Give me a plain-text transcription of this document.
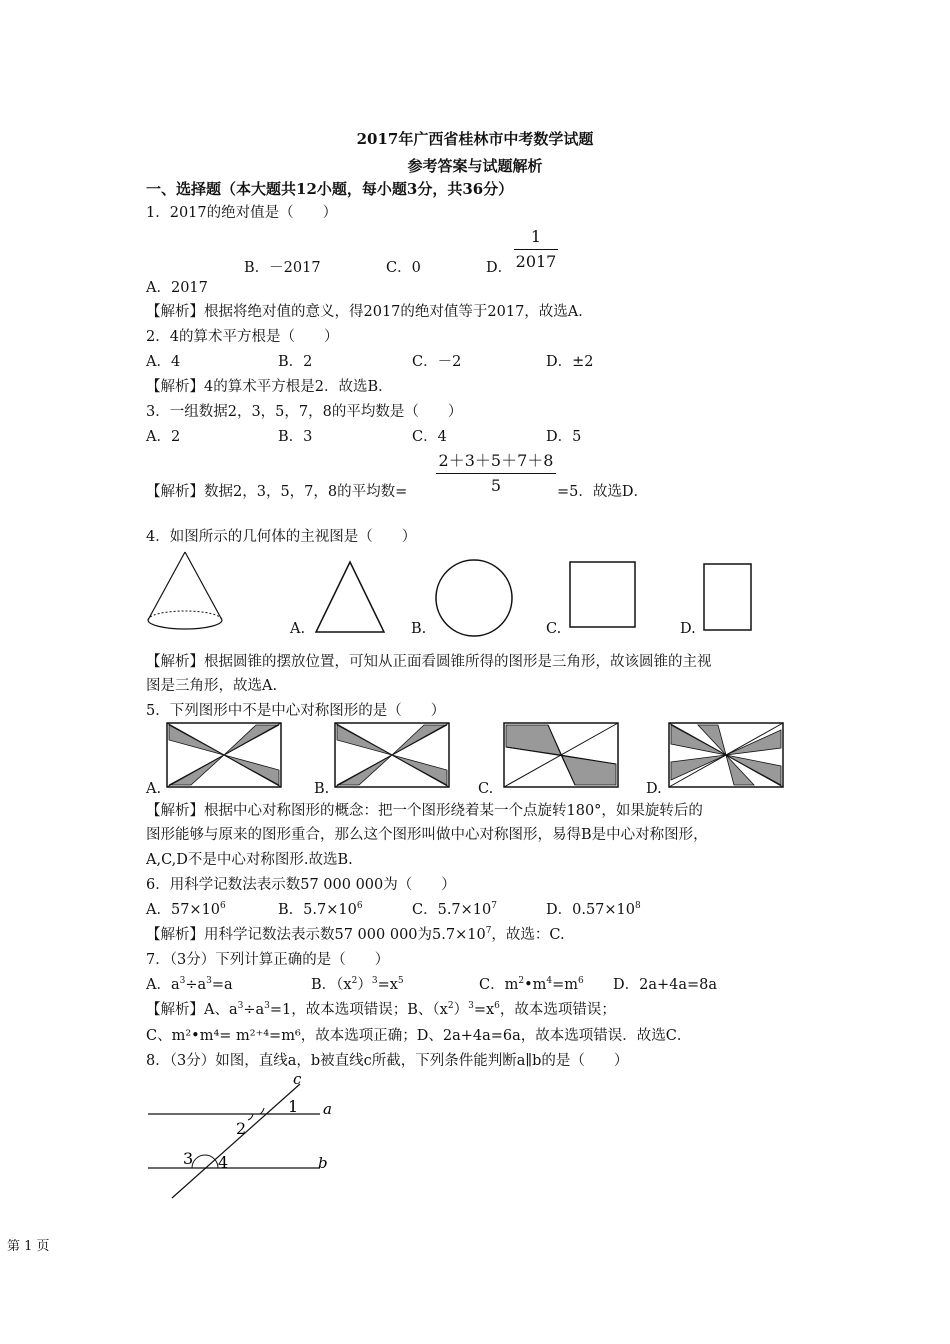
2017年广西省桂林市中考数学试题
参考答案与试题解析
一、选择题（本大题共12小题，每小题3分，共36分）
1．2017的绝对值是（　　）
B．－2017	C．0	D．
1
2017
A．2017
【解析】根据将绝对值的意义，得2017的绝对值等于2017，故选A．
2．4的算术平方根是（　　）
A．4	B．2	C．－2	D．±2
【解析】4的算术平方根是2．故选B．
3．一组数据2，3，5，7，8的平均数是（　　）
A．2	B．3	C．4	D．5
【解析】数据2，3，5，7，8的平均数=
2＋3＋5＋7＋8
5	=5．故选D．
4．如图所示的几何体的主视图是（　　）
A.	B.	C.	D.
【解析】根据圆锥的摆放位置，可知从正面看圆锥所得的图形是三角形，故该圆锥的主视
图是三角形，故选A.
5．下列图形中不是中心对称图形的是（　　）
A.	B.	C.	D.
【解析】根据中心对称图形的概念：把一个图形绕着某一个点旋转180°，如果旋转后的
图形能够与原来的图形重合，那么这个图形叫做中心对称图形，易得B是中心对称图形，
A,C,D不是中心对称图形.故选B.
6．用科学记数法表示数57 000 000为（　　）
A．$57\times 10^6$	B．$5.7\times 10^6$	C．$5.7\times 10^7$	D．$0.57\times 10^8$
【解析】用科学记数法表示数57 000 000为$5.7\times 10^7$，故选：C.
7．（3分）下列计算正确的是（　　）
A．$a^3\div a^3=a$	B．$(x^2)^3=x^5$	C．$m^2•m^4=m^6$ D．2a+4a=8a
【解析】A、$a^3\div a^3=1$，故本选项错误；B、$(x^2)^3=x^6$，故本选项错误；
C、m²•m⁴= m²⁺⁴=m⁶，故本选项正确；D、2a+4a=6a，故本选项错误．故选C．
8．（3分）如图，直线a，b被直线c所截，下列条件能判断a∥b的是（　　）
c
1 a
2
3 4	b
第 1 页
